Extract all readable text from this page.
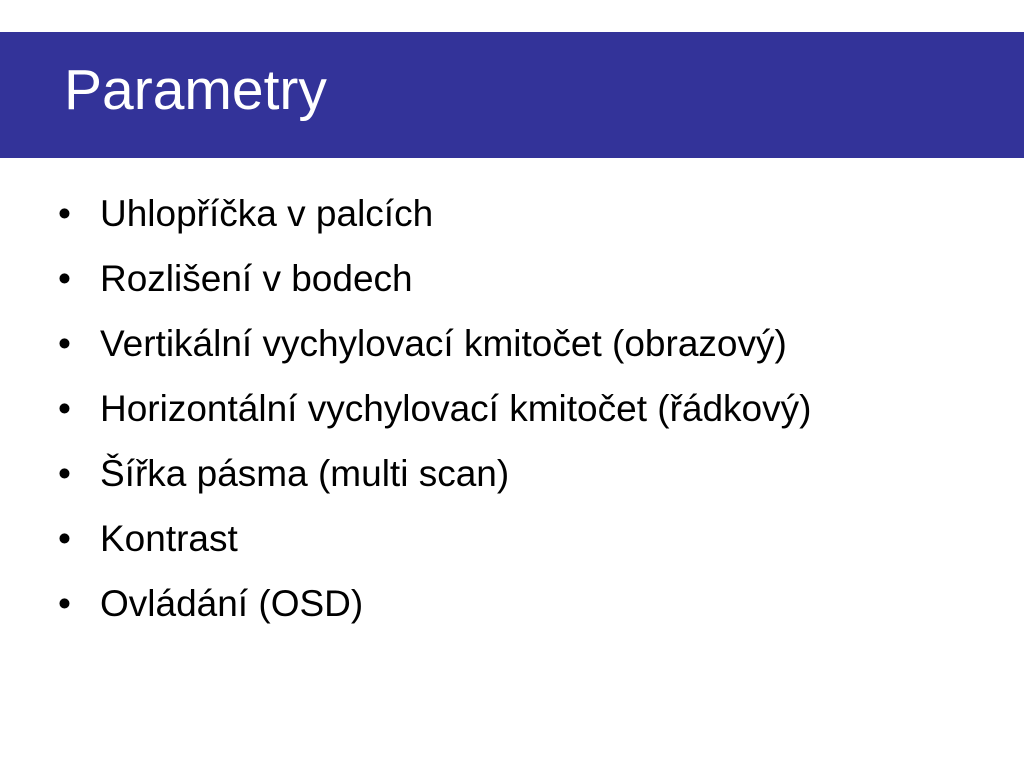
Parametry
• Uhlopříčka v palcích
• Rozlišení v bodech
• Vertikální vychylovací kmitočet (obrazový)
• Horizontální vychylovací kmitočet (řádkový)
• Šířka pásma (multi scan)
• Kontrast
• Ovládání (OSD)
